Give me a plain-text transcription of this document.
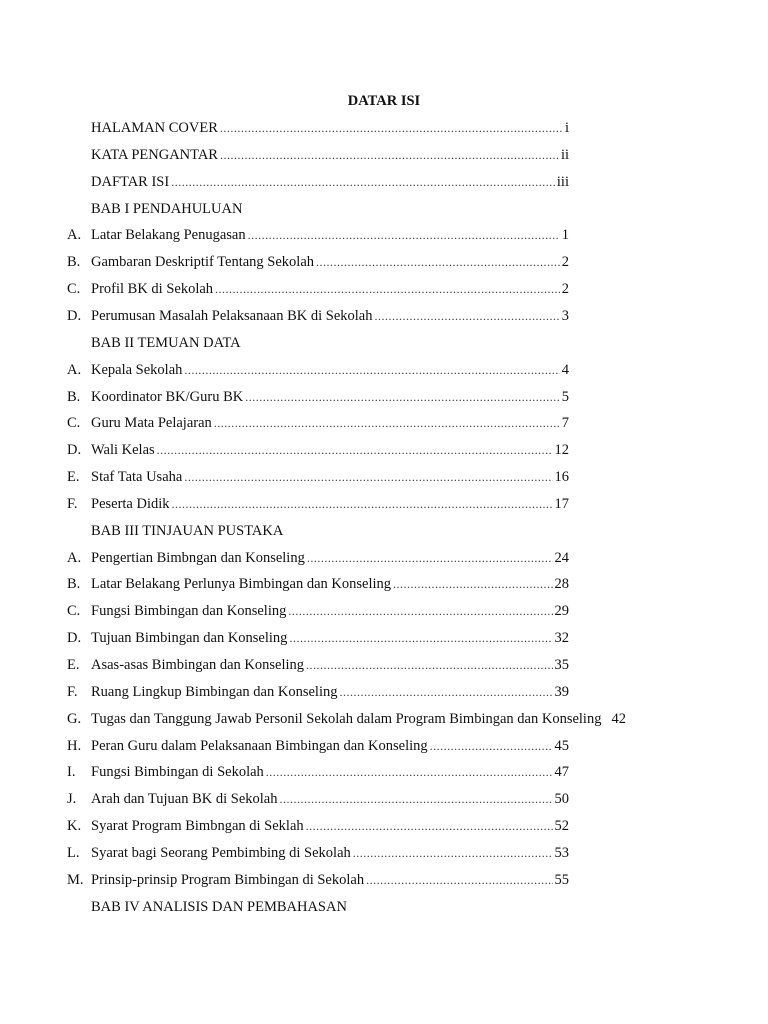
DATAR ISI
HALAMAN COVER .....	i
KATA PENGANTAR .....	ii
DAFTAR ISI .....	iii
BAB I PENDAHULUAN
A. Latar Belakang Penugasan .....	1
B. Gambaran Deskriptif Tentang Sekolah .....	2
C. Profil BK di Sekolah .....	2
D. Perumusan Masalah Pelaksanaan BK di Sekolah .....	3
BAB II TEMUAN DATA
A. Kepala Sekolah .....	4
B. Koordinator BK/Guru BK .....	5
C. Guru Mata Pelajaran .....	7
D. Wali Kelas .....	12
E. Staf Tata Usaha .....	16
F. Peserta Didik .....	17
BAB III TINJAUAN PUSTAKA
A. Pengertian Bimbngan dan Konseling .....	24
B. Latar Belakang Perlunya Bimbingan dan Konseling .....	28
C. Fungsi Bimbingan dan Konseling .....	29
D. Tujuan Bimbingan dan Konseling .....	32
E. Asas-asas Bimbingan dan Konseling .....	35
F. Ruang Lingkup Bimbingan dan Konseling .....	39
G. Tugas dan Tanggung Jawab Personil Sekolah dalam Program Bimbingan dan Konseling 42
H. Peran Guru dalam Pelaksanaan Bimbingan dan Konseling .....	45
I.	Fungsi Bimbingan di Sekolah .....	47
J.	Arah dan Tujuan BK di Sekolah .....	50
K. Syarat Program Bimbngan di Seklah .....	52
L. Syarat bagi Seorang Pembimbing di Sekolah .....	53
M. Prinsip-prinsip Program Bimbingan di Sekolah .....	55
BAB IV ANALISIS DAN PEMBAHASAN
